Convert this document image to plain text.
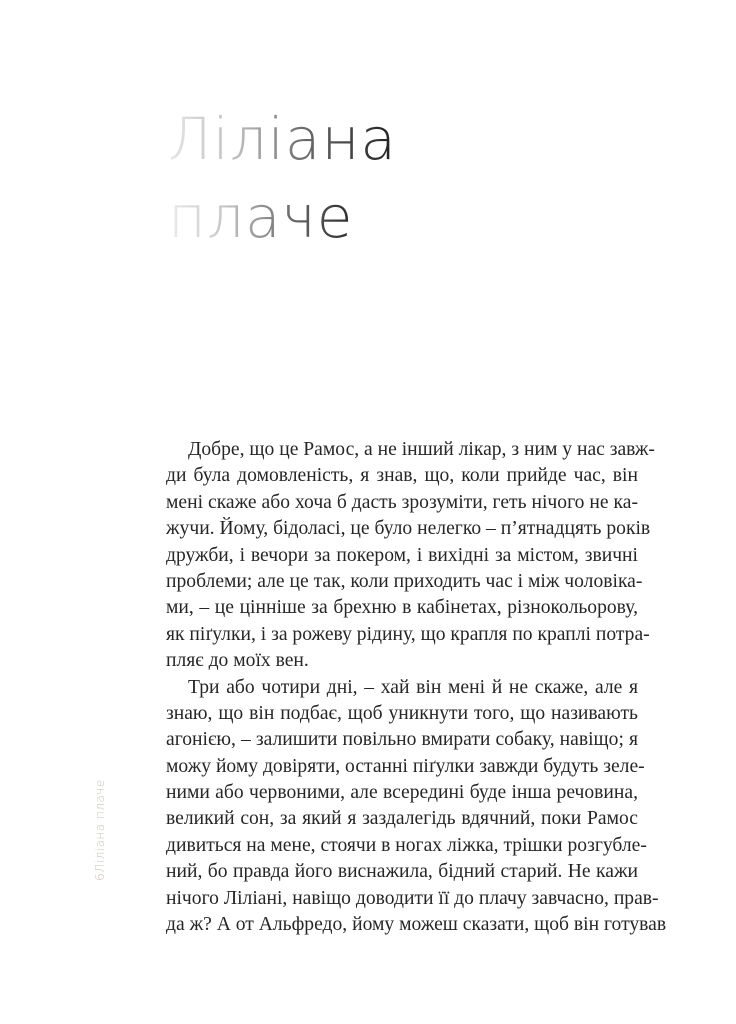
Ліліана
плаче

Добре, що це Рамос, а не інший лікар, з ним у нас завж-
ди була домовленість, я знав, що, коли прийде час, він
мені скаже або хоча б дасть зрозуміти, геть нічого не ка-
жучи. Йому, бідоласі, це було нелегко – п’ятнадцять років
дружби, і вечори за покером, і вихідні за містом, звичні
проблеми; але це так, коли приходить час і між чоловіка-
ми, – це цінніше за брехню в кабінетах, різнокольорову,
як піґулки, і за рожеву рідину, що крапля по краплі потра-
пляє до моїх вен.

Три або чотири дні, – хай він мені й не скаже, але я
знаю, що він подбає, щоб уникнути того, що називають
агонією, – залишити повільно вмирати собаку, навіщо; я
можу йому довіряти, останні піґулки завжди будуть зеле-
ними або червоними, але всередині буде інша речовина,
великий сон, за який я заздалегідь вдячний, поки Рамос
дивиться на мене, стоячи в ногах ліжка, трішки розгубле-
ний, бо правда його виснажила, бідний старий. Не кажи
нічого Ліліані, навіщо доводити її до плачу завчасно, прав-
да ж? А от Альфредо, йому можеш сказати, щоб він готував

Ліліана плаче
6
